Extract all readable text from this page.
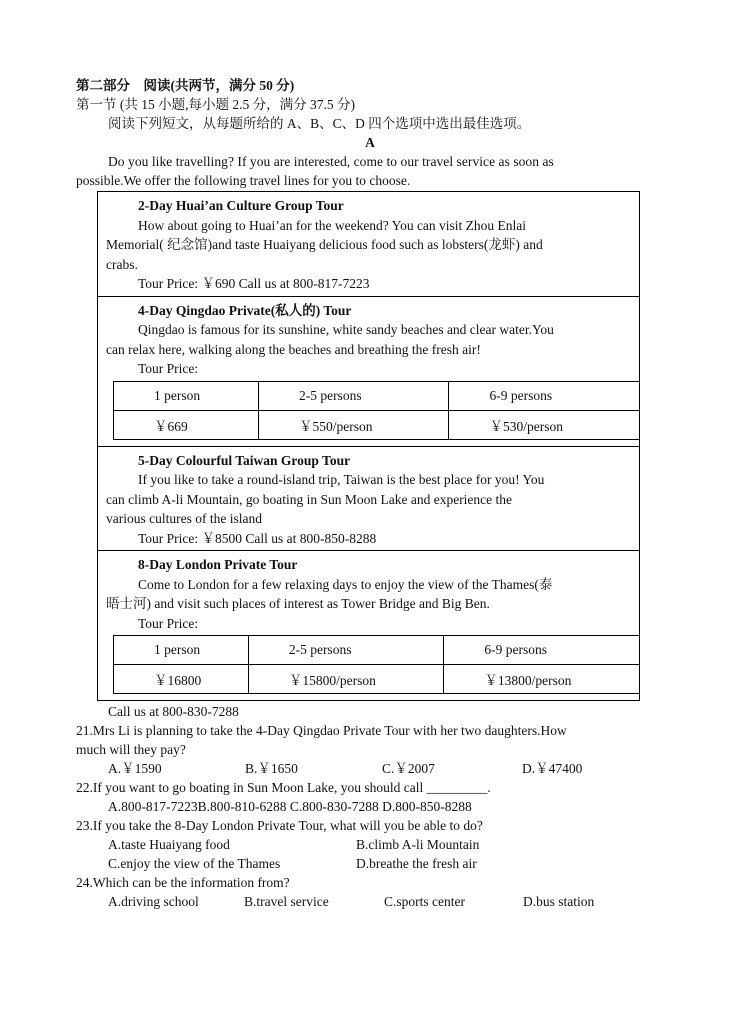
第二部分　阅读(共两节，满分 50 分)
第一节 (共 15 小题,每小题 2.5 分，满分 37.5 分)
阅读下列短文，从每题所给的 A、B、C、D 四个选项中选出最佳选项。
A
Do you like travelling? If you are interested, come to our travel service as soon as
possible.We offer the following travel lines for you to choose.
2-Day Huai’an Culture Group Tour
How about going to Huai’an for the weekend? You can visit Zhou Enlai
Memorial( 纪念馆)and taste Huaiyang delicious food such as lobsters(龙虾) and
crabs.
Tour Price: ￥690 Call us at 800-817-7223
4-Day Qingdao Private(私人的) Tour
Qingdao is famous for its sunshine, white sandy beaches and clear water.You
can relax here, walking along the beaches and breathing the fresh air!
Tour Price:
1 person	2-5 persons	6-9 persons
￥669	￥550/person	￥530/person
5-Day Colourful Taiwan Group Tour
If you like to take a round-island trip, Taiwan is the best place for you! You
can climb A-li Mountain, go boating in Sun Moon Lake and experience the
various cultures of the island
Tour Price: ￥8500 Call us at 800-850-8288
8-Day London Private Tour
Come to London for a few relaxing days to enjoy the view of the Thames(泰
晤士河) and visit such places of interest as Tower Bridge and Big Ben.
Tour Price:
1 person	2-5 persons	6-9 persons
￥16800	￥15800/person	￥13800/person
Call us at 800-830-7288
21.Mrs Li is planning to take the 4-Day Qingdao Private Tour with her two daughters.How
much will they pay?
A.￥1590	B.￥1650	C.￥2007	D.￥47400
22.If you want to go boating in Sun Moon Lake, you should call _________.
A.800-817-7223B.800-810-6288 C.800-830-7288 D.800-850-8288
23.If you take the 8-Day London Private Tour, what will you be able to do?
A.taste Huaiyang food	B.climb A-li Mountain
C.enjoy the view of the Thames	D.breathe the fresh air
24.Which can be the information from?
A.driving school	B.travel service	C.sports center	D.bus station
